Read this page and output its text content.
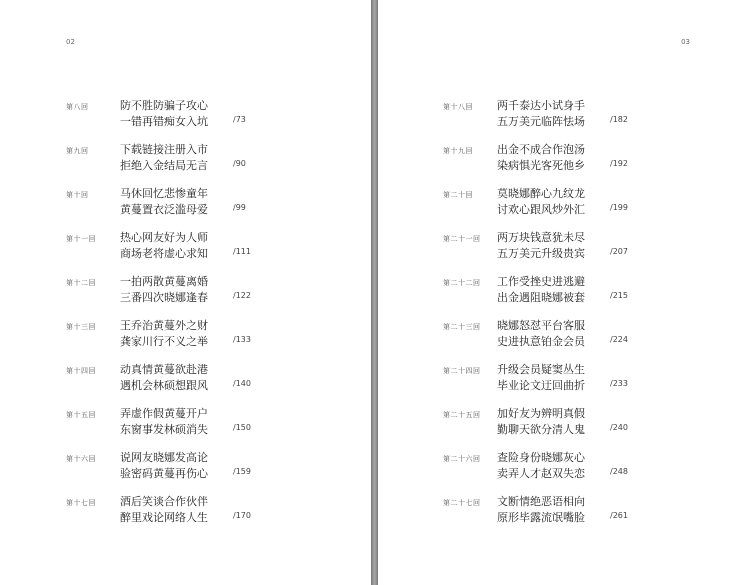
02
第八回	防不胜防骗子攻心
一错再错痴女入坑	/73
第九回	下载链接注册入市
拒绝入金结局无言	/90
第十回	马休回忆悲惨童年
黄蔓置衣泛滥母爱	/99
第十一回 热心网友好为人师
商场老将虚心求知	/111
第十二回 一拍两散黄蔓离婚
三番四次晓娜逢春	/122
第十三回 王乔治黄蔓外之财
龚家川行不义之举	/133
第十四回 动真情黄蔓欲赴港
遇机会林硕想跟风	/140
第十五回 弄虚作假黄蔓开户
东窗事发林硕消失	/150
第十六回 说网友晓娜发高论
验密码黄蔓再伤心	/159
第十七回 酒后笑谈合作伙伴
醉里戏论网络人生	/170
03
第十八回 两千泰达小试身手
五万美元临阵怯场	/182
第十九回 出金不成合作泡汤
染病惧光客死他乡	/192
第二十回 莫晓娜醉心九纹龙
讨欢心跟风炒外汇	/199
第二十一回 两万块钱意犹未尽
五万美元升级贵宾	/207
第二十二回 工作受挫史进逃避
出金遇阻晓娜被套	/215
第二十三回 晓娜怒怼平台客服
史进执意铂金会员	/224
第二十四回 升级会员疑窦丛生
毕业论文迂回曲折	/233
第二十五回 加好友为辨明真假
勤聊天欲分清人鬼	/240
第二十六回 查险身份晓娜灰心
卖弄人才赵双失恋	/248
第二十七回 文断情绝恶语相向
原形毕露流氓嘴脸	/261
